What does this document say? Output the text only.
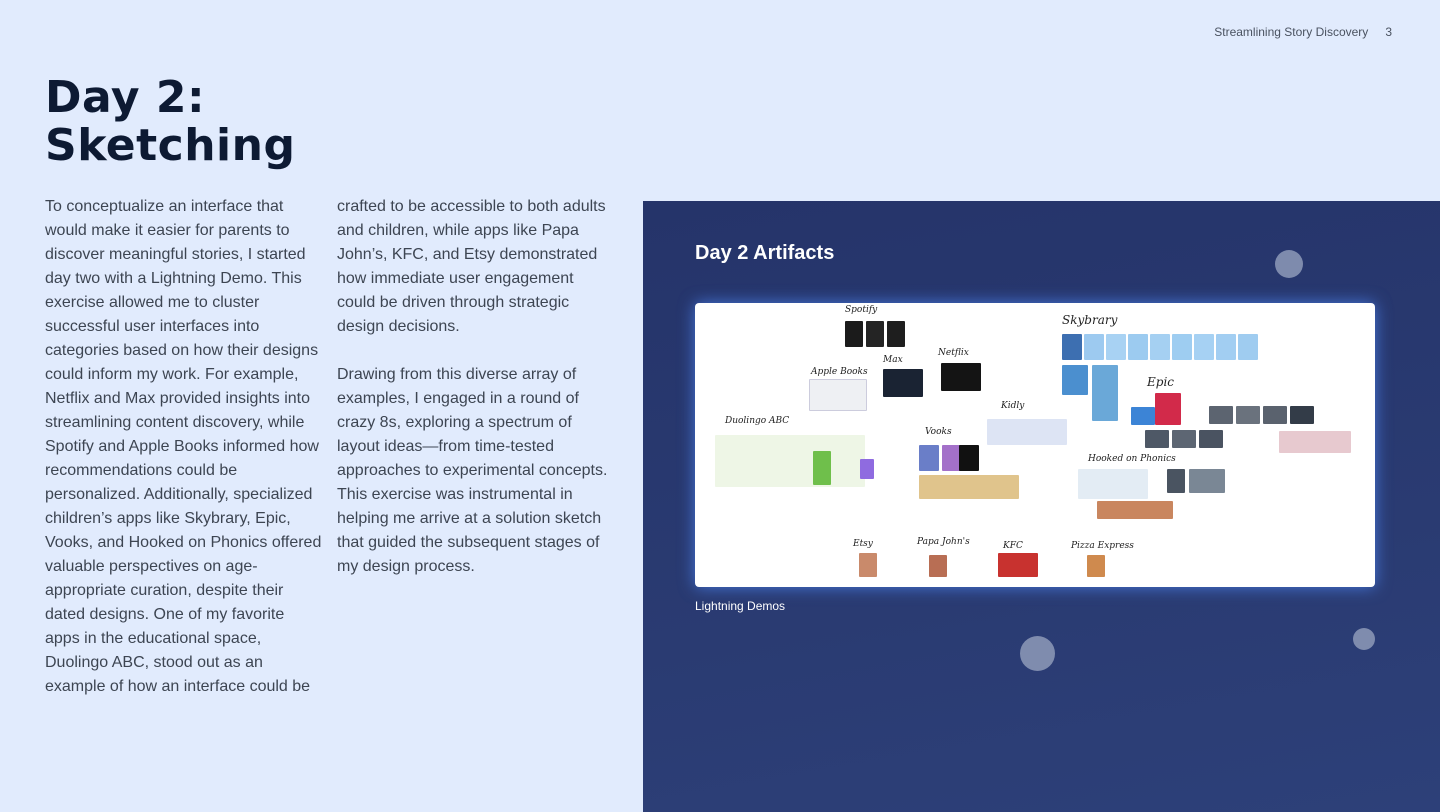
Streamlining Story Discovery 3
Day 2:
Sketching

To conceptualize an interface that would make it easier for parents to discover meaningful stories, I started day two with a Lightning Demo. This exercise allowed me to cluster successful user interfaces into categories based on how their designs could inform my work. For example, Netflix and Max provided insights into streamlining content discovery, while Spotify and Apple Books informed how recommendations could be personalized. Additionally, specialized children’s apps like Skybrary, Epic, Vooks, and Hooked on Phonics offered valuable perspectives on age-appropriate curation, despite their dated designs. One of my favorite apps in the educational space, Duolingo ABC, stood out as an example of how an interface could be

crafted to be accessible to both adults and children, while apps like Papa John’s, KFC, and Etsy demonstrated how immediate user engagement could be driven through strategic design decisions.

Drawing from this diverse array of examples, I engaged in a round of crazy 8s, exploring a spectrum of layout ideas—from time-tested approaches to experimental concepts. This exercise was instrumental in helping me arrive at a solution sketch that guided the subsequent stages of my design process.

Day 2 Artifacts
Spotify
Skybrary
Max
Netflix
Apple Books
Epic
Kidly
Duolingo ABC
Vooks
Hooked on Phonics
Etsy	Papa John's	KFC	Pizza Express

Lightning Demos
